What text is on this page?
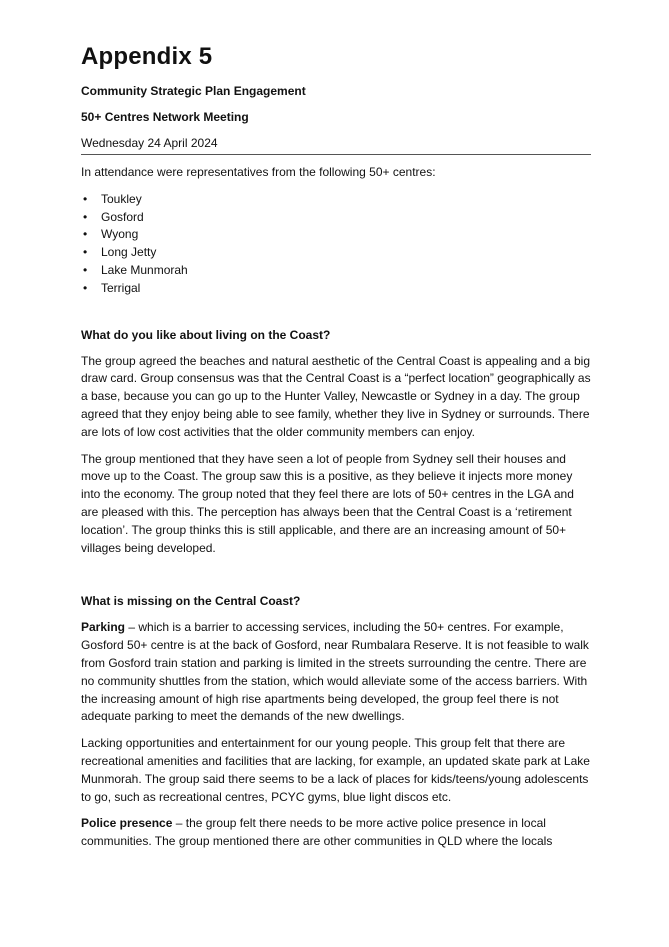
Appendix 5
Community Strategic Plan Engagement
50+ Centres Network Meeting
Wednesday 24 April 2024

In attendance were representatives from the following 50+ centres:

• Toukley
• Gosford
• Wyong
• Long Jetty
• Lake Munmorah
• Terrigal
What do you like about living on the Coast?

The group agreed the beaches and natural aesthetic of the Central Coast is appealing and a big draw card. Group consensus was that the Central Coast is a “perfect location” geographically as a base, because you can go up to the Hunter Valley, Newcastle or Sydney in a day. The group agreed that they enjoy being able to see family, whether they live in Sydney or surrounds. There are lots of low cost activities that the older community members can enjoy.

The group mentioned that they have seen a lot of people from Sydney sell their houses and move up to the Coast. The group saw this is a positive, as they believe it injects more money into the economy. The group noted that they feel there are lots of 50+ centres in the LGA and are pleased with this. The perception has always been that the Central Coast is a ‘retirement location’. The group thinks this is still applicable, and there are an increasing amount of 50+ villages being developed.

What is missing on the Central Coast?

Parking – which is a barrier to accessing services, including the 50+ centres. For example, Gosford 50+ centre is at the back of Gosford, near Rumbalara Reserve. It is not feasible to walk from Gosford train station and parking is limited in the streets surrounding the centre. There are no community shuttles from the station, which would alleviate some of the access barriers. With the increasing amount of high rise apartments being developed, the group feel there is not adequate parking to meet the demands of the new dwellings.

Lacking opportunities and entertainment for our young people. This group felt that there are recreational amenities and facilities that are lacking, for example, an updated skate park at Lake Munmorah. The group said there seems to be a lack of places for kids/teens/young adolescents to go, such as recreational centres, PCYC gyms, blue light discos etc.

Police presence – the group felt there needs to be more active police presence in local communities. The group mentioned there are other communities in QLD where the locals
